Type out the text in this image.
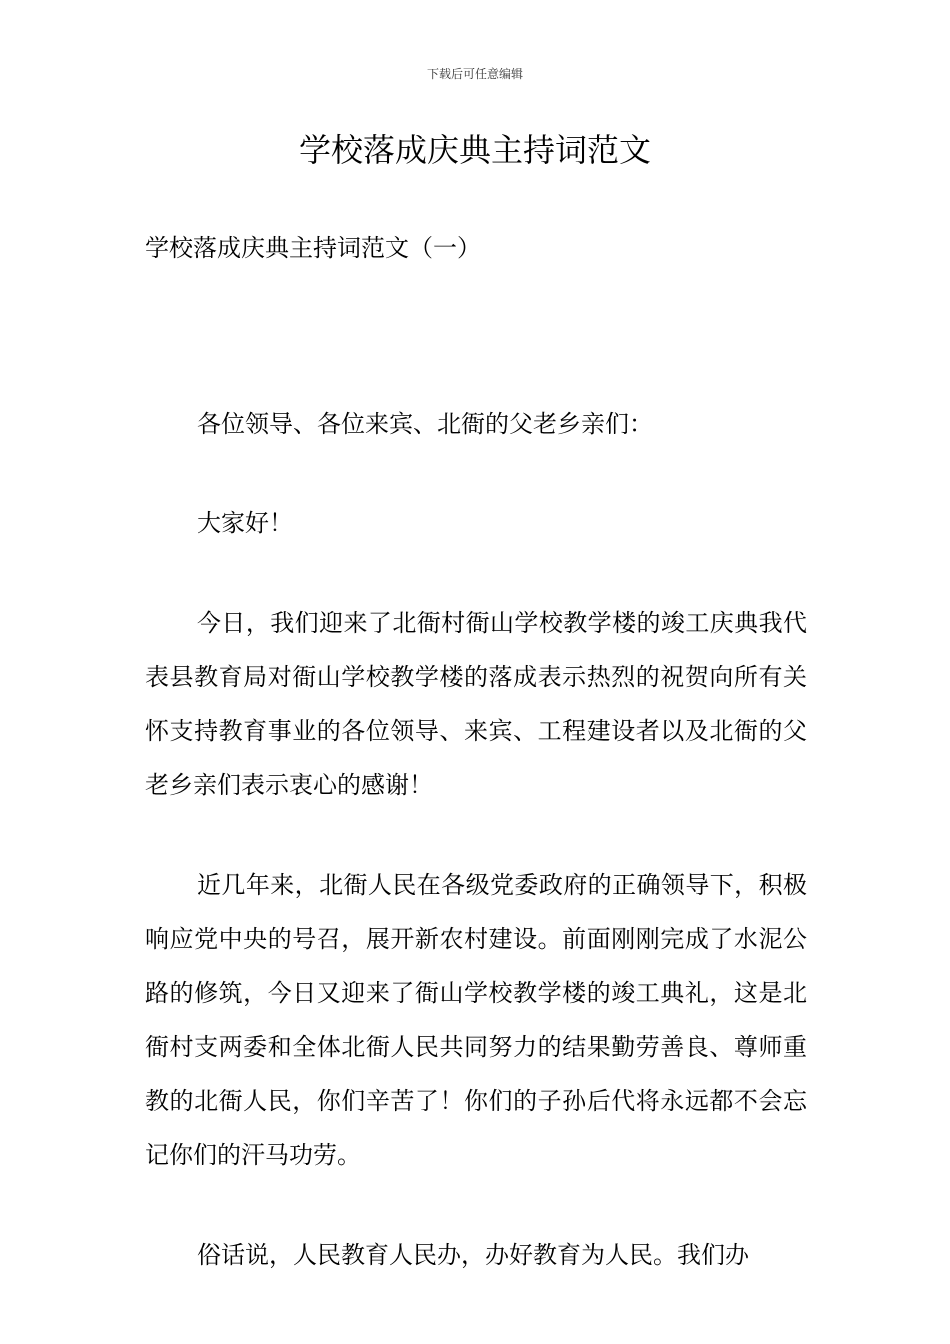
下载后可任意编辑
学校落成庆典主持词范文

学校落成庆典主持词范文（一）

各位领导、各位来宾、北衙的父老乡亲们：

大家好！

今日，我们迎来了北衙村衙山学校教学楼的竣工庆典我代表县教育局对衙山学校教学楼的落成表示热烈的祝贺向所有关怀支持教育事业的各位领导、来宾、工程建设者以及北衙的父老乡亲们表示衷心的感谢！

近几年来，北衙人民在各级党委政府的正确领导下，积极响应党中央的号召，展开新农村建设。前面刚刚完成了水泥公路的修筑，今日又迎来了衙山学校教学楼的竣工典礼，这是北衙村支两委和全体北衙人民共同努力的结果勤劳善良、尊师重教的北衙人民，你们辛苦了！你们的子孙后代将永远都不会忘记你们的汗马功劳。

俗话说，人民教育人民办，办好教育为人民。我们办
